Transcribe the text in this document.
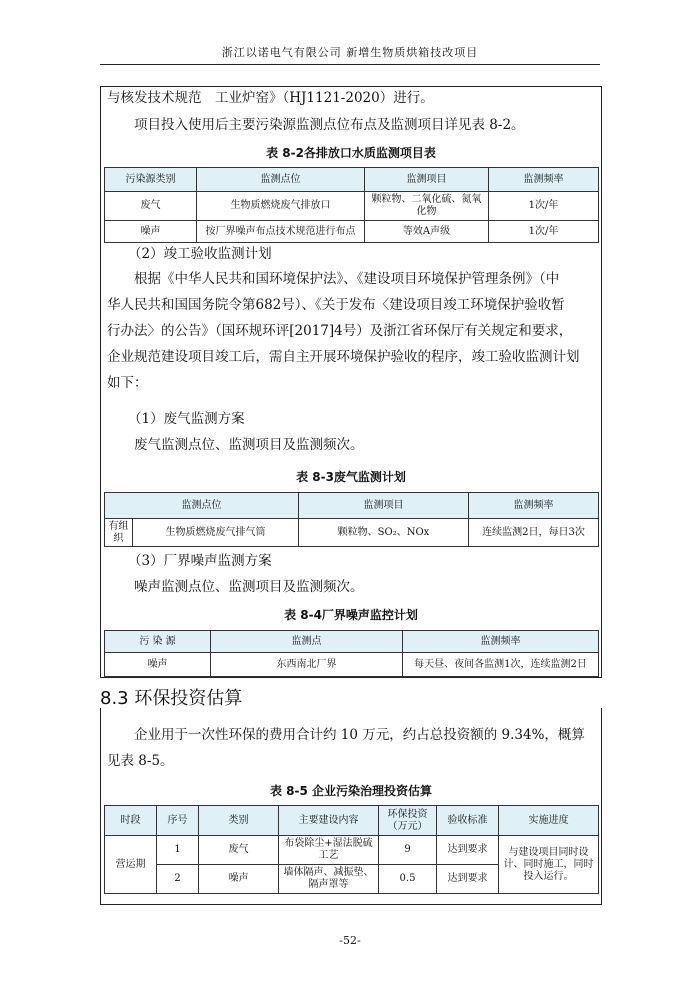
浙江以诺电气有限公司 新增生物质烘箱技改项目
与核发技术规范　工业炉窑》（HJ1121-2020）进行。
项目投入使用后主要污染源监测点位布点及监测项目详见表 8-2。
表 8-2各排放口水质监测项目表
污染源类别	监测点位	监测项目	监测频率
废气	生物质燃烧废气排放口	颗粒物、二氧化硫、氮氧化物	1次/年
噪声	按厂界噪声布点技术规范进行布点	等效A声级	1次/年
（2）竣工验收监测计划
根据《中华人民共和国环境保护法》、《建设项目环境保护管理条例》（中
华人民共和国国务院令第682号）、《关于发布〈建设项目竣工环境保护验收暂
行办法〉的公告》（国环规环评[2017]4号）及浙江省环保厅有关规定和要求，
企业规范建设项目竣工后，需自主开展环境保护验收的程序，竣工验收监测计划
如下：
（1）废气监测方案
废气监测点位、监测项目及监测频次。
表 8-3废气监测计划
监测点位		监测项目	监测频率
有组织	生物质燃烧废气排气筒	颗粒物、SO₂、NOx	连续监测2日，每日3次
（3）厂界噪声监测方案
噪声监测点位、监测项目及监测频次。
表 8-4厂界噪声监控计划
污 染 源	监测点	监测频率
噪声	东西南北厂界	每天昼、夜间各监测1次，连续监测2日
8.3 环保投资估算
企业用于一次性环保的费用合计约 10 万元，约占总投资额的 9.34%，概算
见表 8-5。
表 8-5 企业污染治理投资估算
时段	序号	类别	主要建设内容	环保投资（万元）	验收标准	实施进度
营运期	1	废气	布袋除尘+湿法脱硫工艺	9	达到要求	与建设项目同时设计、同时施工，同时投入运行。
	2	噪声	墙体隔声、减振垫、隔声罩等	0.5	达到要求	
-52-
